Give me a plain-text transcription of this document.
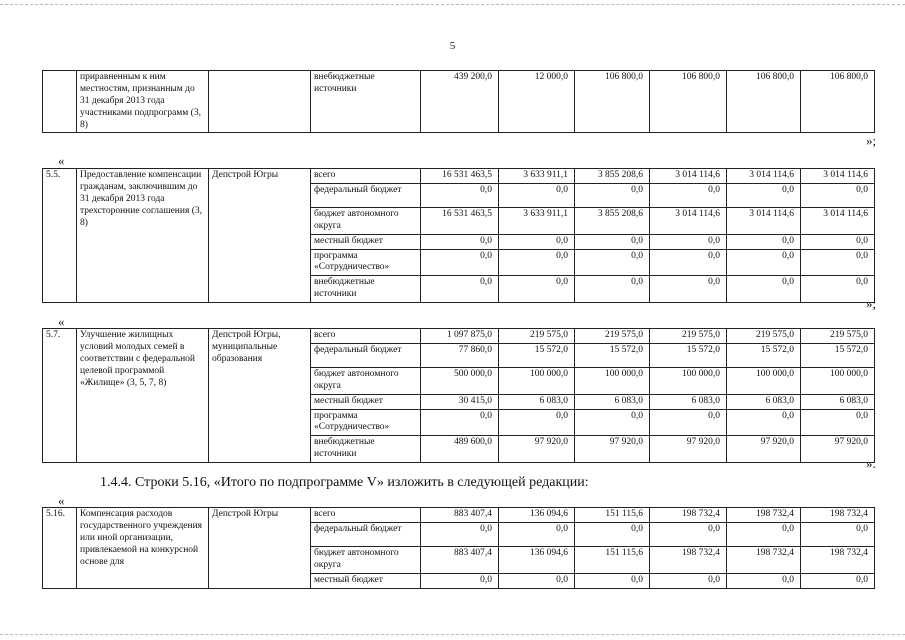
5
	приравненным к ним местностям, признанным до 31 декабря 2013 года участниками подпрограмм (3, 8)		внебюджетные источники	439 200,0	12 000,0	106 800,0	106 800,0	106 800,0	106 800,0
»;
«
5.5.	Предоставление компенсации гражданам, заключившим до 31 декабря 2013 года трехсторонние соглашения (3, 8)	Депстрой Югры	всего	16 531 463,5	3 633 911,1	3 855 208,6	3 014 114,6	3 014 114,6	3 014 114,6
			федеральный бюджет	0,0	0,0	0,0	0,0	0,0	0,0
			бюджет автономного округа	16 531 463,5	3 633 911,1	3 855 208,6	3 014 114,6	3 014 114,6	3 014 114,6
			местный бюджет	0,0	0,0	0,0	0,0	0,0	0,0
			программа «Сотрудничество»	0,0	0,0	0,0	0,0	0,0	0,0
			внебюджетные источники	0,0	0,0	0,0	0,0	0,0	0,0
»;
«
5.7.	Улучшение жилищных условий молодых семей в соответствии с федеральной целевой программой «Жилище» (3, 5, 7, 8)	Депстрой Югры, муниципальные образования	всего	1 097 875,0	219 575,0	219 575,0	219 575,0	219 575,0	219 575,0
			федеральный бюджет	77 860,0	15 572,0	15 572,0	15 572,0	15 572,0	15 572,0
			бюджет автономного округа	500 000,0	100 000,0	100 000,0	100 000,0	100 000,0	100 000,0
			местный бюджет	30 415,0	6 083,0	6 083,0	6 083,0	6 083,0	6 083,0
			программа «Сотрудничество»	0,0	0,0	0,0	0,0	0,0	0,0
			внебюджетные источники	489 600,0	97 920,0	97 920,0	97 920,0	97 920,0	97 920,0
».
1.4.4. Строки 5.16, «Итого по подпрограмме V» изложить в следующей редакции:
«
5.16.	Компенсация расходов государственного учреждения или иной организации, привлекаемой на конкурсной основе для	Депстрой Югры	всего	883 407,4	136 094,6	151 115,6	198 732,4	198 732,4	198 732,4
			федеральный бюджет	0,0	0,0	0,0	0,0	0,0	0,0
			бюджет автономного округа	883 407,4	136 094,6	151 115,6	198 732,4	198 732,4	198 732,4
			местный бюджет	0,0	0,0	0,0	0,0	0,0	0,0
